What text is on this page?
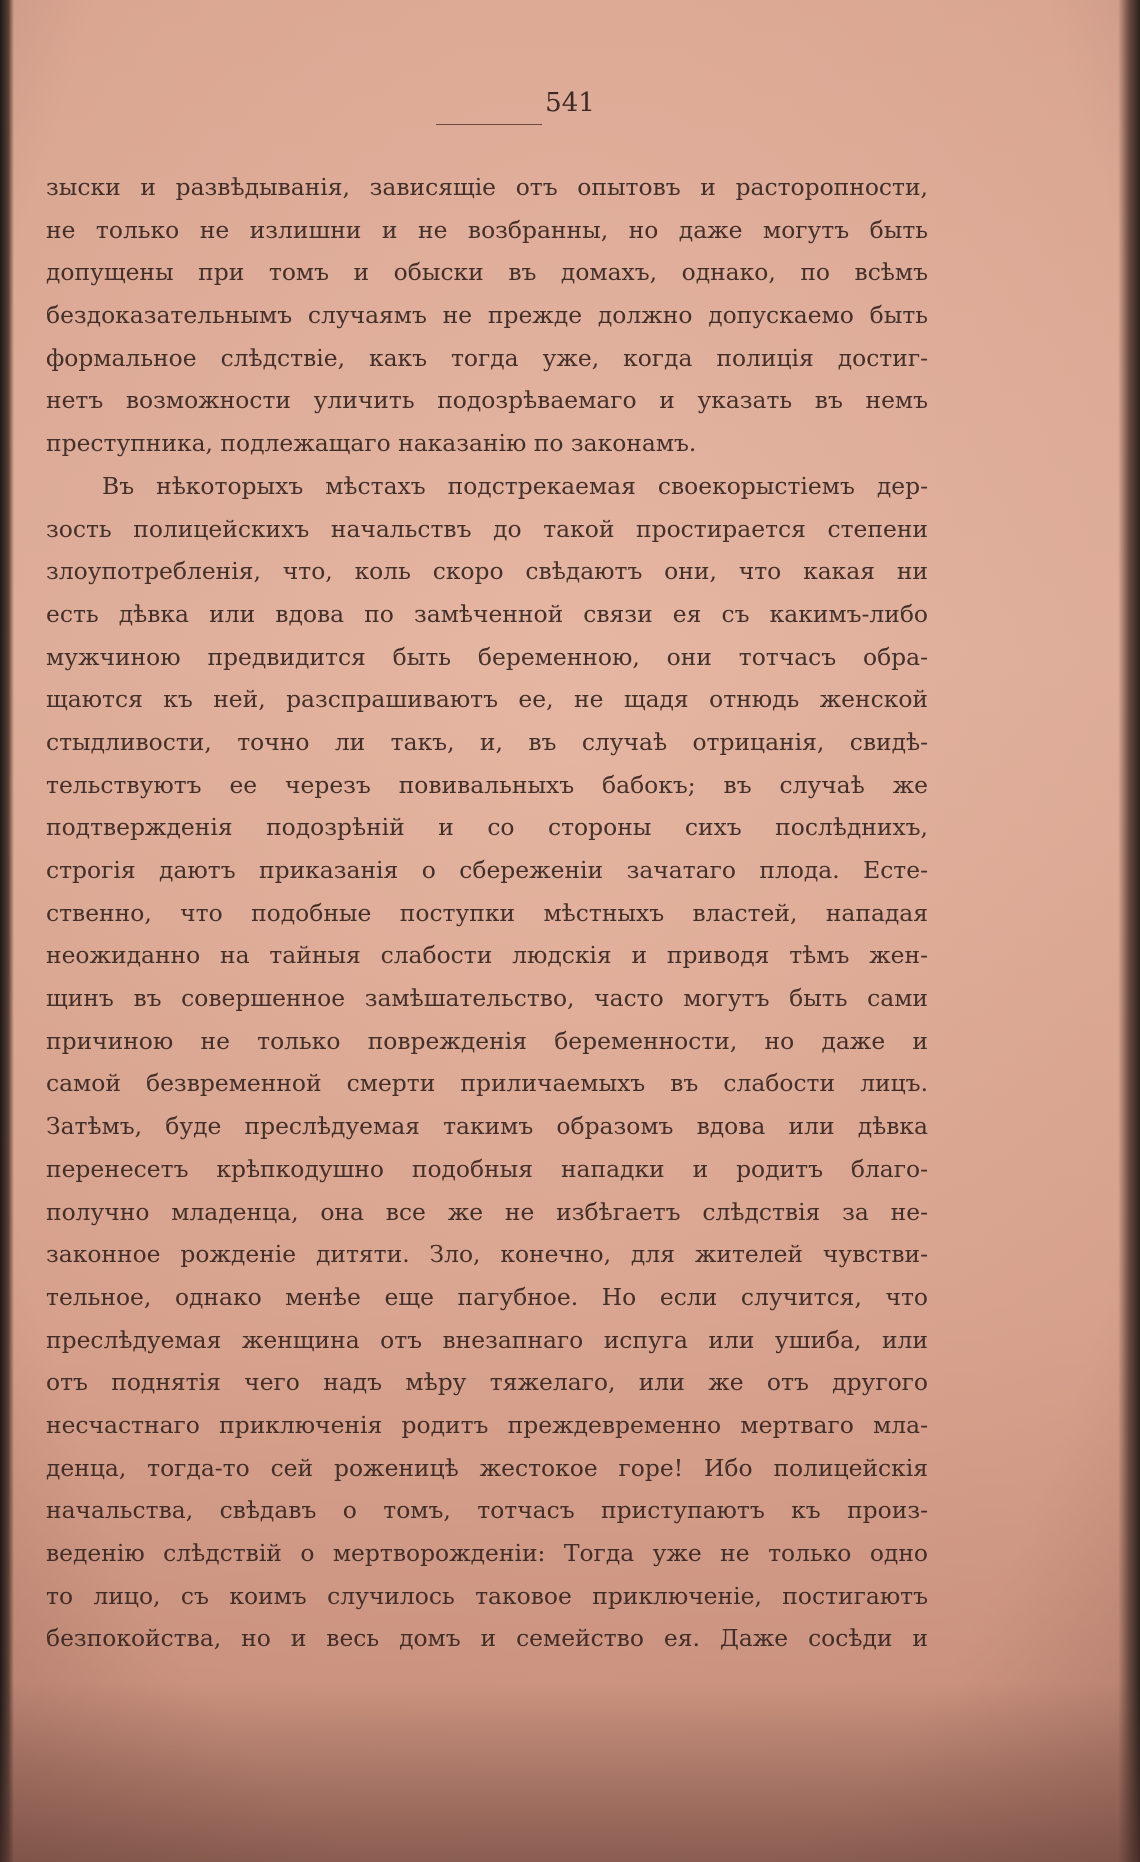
541
зыски и развѣдыванія, зависящіе отъ опытовъ и расторопности,
не только не излишни и не возбранны, но даже могутъ быть
допущены при томъ и обыски въ домахъ, однако, по всѣмъ
бездоказательнымъ случаямъ не прежде должно допускаемо быть
формальное слѣдствіе, какъ тогда уже, когда полиція достиг-
нетъ возможности уличить подозрѣваемаго и указать въ немъ
преступника, подлежащаго наказанію по законамъ.
Въ нѣкоторыхъ мѣстахъ подстрекаемая своекорыстіемъ дер-
зость полицейскихъ начальствъ до такой простирается степени
злоупотребленія, что, коль скоро свѣдаютъ они, что какая ни
есть дѣвка или вдова по замѣченной связи ея съ какимъ-либо
мужчиною предвидится быть беременною, они тотчасъ обра-
щаются къ ней, разспрашиваютъ ее, не щадя отнюдь женской
стыдливости, точно ли такъ, и, въ случаѣ отрицанія, свидѣ-
тельствуютъ ее черезъ повивальныхъ бабокъ; въ случаѣ же
подтвержденія подозрѣній и со стороны сихъ послѣднихъ,
строгія даютъ приказанія о сбереженіи зачатаго плода. Есте-
ственно, что подобные поступки мѣстныхъ властей, нападая
неожиданно на тайныя слабости людскія и приводя тѣмъ жен-
щинъ въ совершенное замѣшательство, часто могутъ быть сами
причиною не только поврежденія беременности, но даже и
самой безвременной смерти приличаемыхъ въ слабости лицъ.
Затѣмъ, буде преслѣдуемая такимъ образомъ вдова или дѣвка
перенесетъ крѣпкодушно подобныя нападки и родитъ благо-
получно младенца, она все же не избѣгаетъ слѣдствія за не-
законное рожденіе дитяти. Зло, конечно, для жителей чувстви-
тельное, однако менѣе еще пагубное. Но если случится, что
преслѣдуемая женщина отъ внезапнаго испуга или ушиба, или
отъ поднятія чего надъ мѣру тяжелаго, или же отъ другого
несчастнаго приключенія родитъ преждевременно мертваго мла-
денца, тогда-то сей роженицѣ жестокое горе! Ибо полицейскія
начальства, свѣдавъ о томъ, тотчасъ приступаютъ къ произ-
веденію слѣдствій о мертворожденіи: Тогда уже не только одно
то лицо, съ коимъ случилось таковое приключеніе, постигаютъ
безпокойства, но и весь домъ и семейство ея. Даже сосѣди и
